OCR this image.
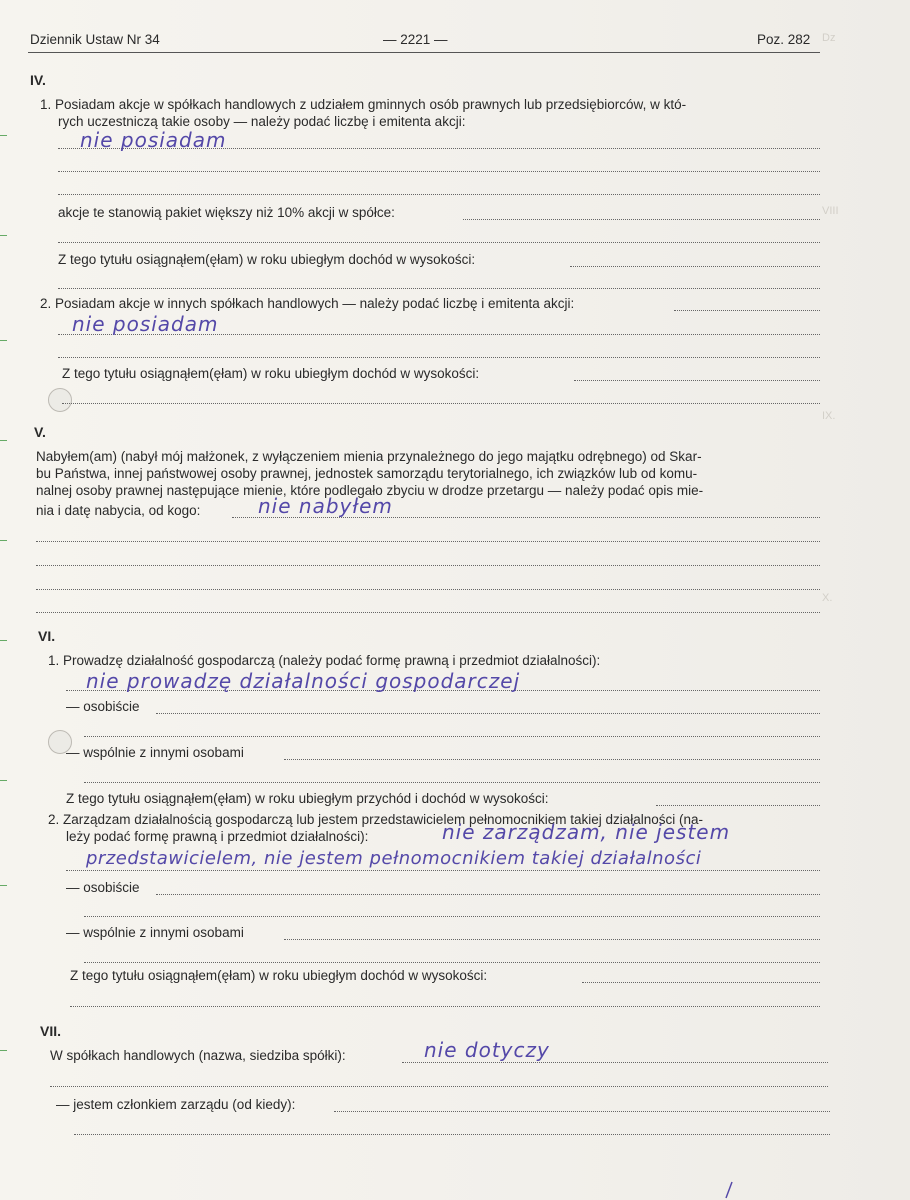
Dziennik Ustaw Nr 34	— 2221 —	Poz. 282 Dz
VIII
IX.
X.
IV.
1. Posiadam akcje w spółkach handlowych z udziałem gminnych osób prawnych lub przedsiębiorców, w któ-
rych uczestniczą takie osoby — należy podać liczbę i emitenta akcji:
nie posiadam
akcje te stanowią pakiet większy niż 10% akcji w spółce:
Z tego tytułu osiągnąłem(ęłam) w roku ubiegłym dochód w wysokości:
2. Posiadam akcje w innych spółkach handlowych — należy podać liczbę i emitenta akcji:
nie posiadam
Z tego tytułu osiągnąłem(ęłam) w roku ubiegłym dochód w wysokości:
V.
Nabyłem(am) (nabył mój małżonek, z wyłączeniem mienia przynależnego do jego majątku odrębnego) od Skar-
bu Państwa, innej państwowej osoby prawnej, jednostek samorządu terytorialnego, ich związków lub od komu-
nalnej osoby prawnej następujące mienie, które podlegało zbyciu w drodze przetargu — należy podać opis mie-
nia i datę nabycia, od kogo:	nie nabyłem
VI.
1. Prowadzę działalność gospodarczą (należy podać formę prawną i przedmiot działalności):
nie prowadzę działalności gospodarczej
— osobiście
— wspólnie z innymi osobami
Z tego tytułu osiągnąłem(ęłam) w roku ubiegłym przychód i dochód w wysokości:
2. Zarządzam działalnością gospodarczą lub jestem przedstawicielem pełnomocnikiem takiej działalności (na-
leży podać formę prawną i przedmiot działalności):	nie zarządzam, nie jestem
przedstawicielem, nie jestem pełnomocnikiem takiej działalności
— osobiście
— wspólnie z innymi osobami
Z tego tytułu osiągnąłem(ęłam) w roku ubiegłym dochód w wysokości:
VII.
W spółkach handlowych (nazwa, siedziba spółki):	nie dotyczy
— jestem członkiem zarządu (od kiedy):
